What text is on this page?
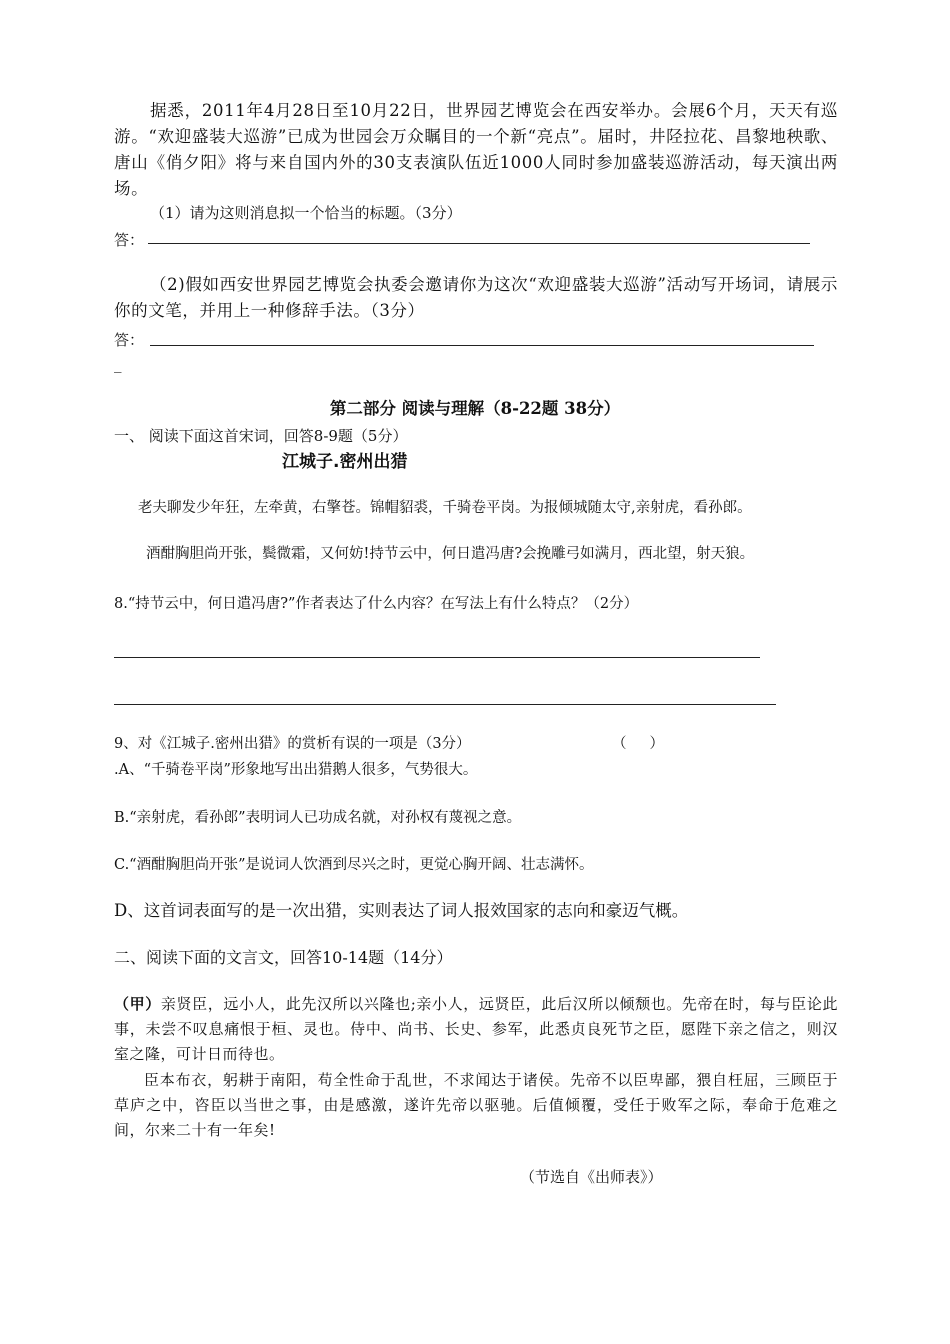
据悉，2011年4月28日至10月22日，世界园艺博览会在西安举办。会展6个月，天天有巡游。“欢迎盛装大巡游”已成为世园会万众瞩目的一个新“亮点”。届时，井陉拉花、昌黎地秧歌、唐山《俏夕阳》将与来自国内外的30支表演队伍近1000人同时参加盛装巡游活动，每天演出两场。
（1）请为这则消息拟一个恰当的标题。（3分）
答：
（2)假如西安世界园艺博览会执委会邀请你为这次“欢迎盛装大巡游”活动写开场词，请展示你的文笔，并用上一种修辞手法。（3分）
答：
_
第二部分 阅读与理解（8-22题 38分）
一、 阅读下面这首宋词，回答8-9题（5分）
江城子.密州出猎
老夫聊发少年狂，左牵黄，右擎苍。锦帽貂裘，千骑卷平岗。为报倾城随太守,亲射虎，看孙郎。
酒酣胸胆尚开张，鬓微霜，又何妨!持节云中，何日遣冯唐?会挽雕弓如满月，西北望，射天狼。
8.“持节云中，何日遣冯唐?”作者表达了什么内容？在写法上有什么特点？（2分）
9、对《江城子.密州出猎》的赏析有误的一项是（3分）	（     ）
.A、“千骑卷平岗”形象地写出出猎鹅人很多，气势很大。
B.“亲射虎，看孙郎”表明词人已功成名就，对孙权有蔑视之意。
C.“酒酣胸胆尚开张”是说词人饮酒到尽兴之时，更觉心胸开阔、壮志满怀。
D、这首词表面写的是一次出猎，实则表达了词人报效国家的志向和豪迈气概。
二、阅读下面的文言文，回答10-14题（14分）
（甲）亲贤臣，远小人，此先汉所以兴隆也;亲小人，远贤臣，此后汉所以倾颓也。先帝在时，每与臣论此事，未尝不叹息痛恨于桓、灵也。侍中、尚书、长史、参军，此悉贞良死节之臣，愿陛下亲之信之，则汉室之隆，可计日而待也。
臣本布衣，躬耕于南阳，苟全性命于乱世，不求闻达于诸侯。先帝不以臣卑鄙，猥自枉屈，三顾臣于草庐之中，咨臣以当世之事，由是感激，遂许先帝以驱驰。后值倾覆，受任于败军之际，奉命于危难之间，尔来二十有一年矣!
（节选自《出师表》）
